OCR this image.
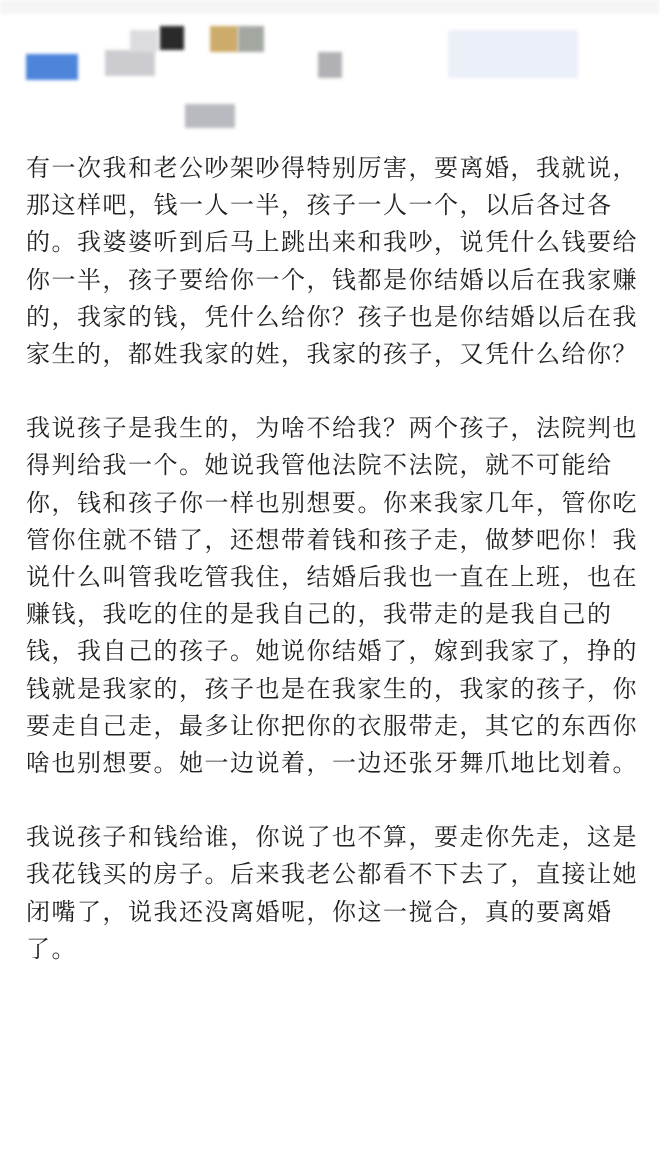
有一次我和老公吵架吵得特别厉害，要离婚，我就说，那这样吧，钱一人一半，孩子一人一个，以后各过各的。我婆婆听到后马上跳出来和我吵，说凭什么钱要给你一半，孩子要给你一个，钱都是你结婚以后在我家赚的，我家的钱，凭什么给你？孩子也是你结婚以后在我家生的，都姓我家的姓，我家的孩子，又凭什么给你？

我说孩子是我生的，为啥不给我？两个孩子，法院判也得判给我一个。她说我管他法院不法院，就不可能给你，钱和孩子你一样也别想要。你来我家几年，管你吃管你住就不错了，还想带着钱和孩子走，做梦吧你！我说什么叫管我吃管我住，结婚后我也一直在上班，也在赚钱，我吃的住的是我自己的，我带走的是我自己的钱，我自己的孩子。她说你结婚了，嫁到我家了，挣的钱就是我家的，孩子也是在我家生的，我家的孩子，你要走自己走，最多让你把你的衣服带走，其它的东西你啥也别想要。她一边说着，一边还张牙舞爪地比划着。

我说孩子和钱给谁，你说了也不算，要走你先走，这是我花钱买的房子。后来我老公都看不下去了，直接让她闭嘴了，说我还没离婚呢，你这一搅合，真的要离婚了。
